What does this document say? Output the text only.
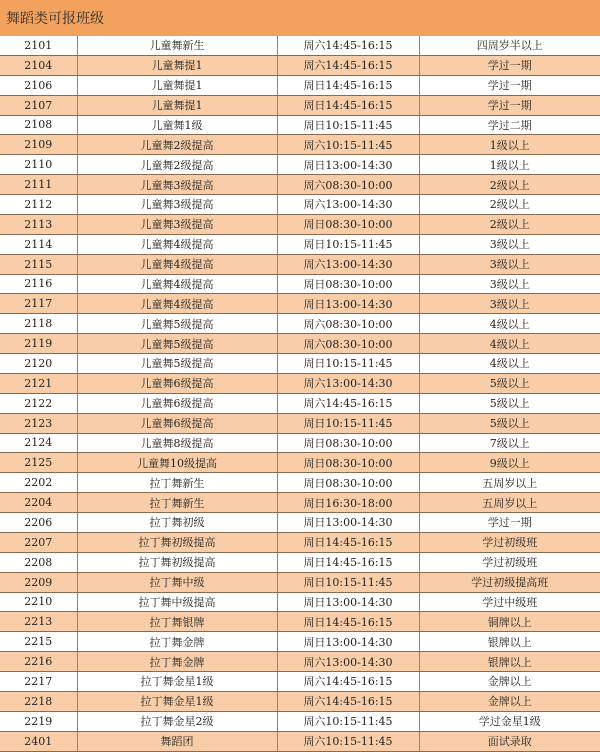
舞蹈类可报班级
2101	儿童舞新生	周六14:45-16:15	四周岁半以上
2104	儿童舞提1	周六14:45-16:15	学过一期
2106	儿童舞提1	周日14:45-16:15	学过一期
2107	儿童舞提1	周日14:45-16:15	学过一期
2108	儿童舞1级	周日10:15-11:45	学过二期
2109	儿童舞2级提高	周六10:15-11:45	1级以上
2110	儿童舞2级提高	周日13:00-14:30	1级以上
2111	儿童舞3级提高	周六08:30-10:00	2级以上
2112	儿童舞3级提高	周六13:00-14:30	2级以上
2113	儿童舞3级提高	周日08:30-10:00	2级以上
2114	儿童舞4级提高	周日10:15-11:45	3级以上
2115	儿童舞4级提高	周六13:00-14:30	3级以上
2116	儿童舞4级提高	周日08:30-10:00	3级以上
2117	儿童舞4级提高	周日13:00-14:30	3级以上
2118	儿童舞5级提高	周六08:30-10:00	4级以上
2119	儿童舞5级提高	周六08:30-10:00	4级以上
2120	儿童舞5级提高	周日10:15-11:45	4级以上
2121	儿童舞6级提高	周六13:00-14:30	5级以上
2122	儿童舞6级提高	周六14:45-16:15	5级以上
2123	儿童舞6级提高	周日10:15-11:45	5级以上
2124	儿童舞8级提高	周日08:30-10:00	7级以上
2125	儿童舞10级提高	周日08:30-10:00	9级以上
2202	拉丁舞新生	周日08:30-10:00	五周岁以上
2204	拉丁舞新生	周日16:30-18:00	五周岁以上
2206	拉丁舞初级	周日13:00-14:30	学过一期
2207	拉丁舞初级提高	周日14:45-16:15	学过初级班
2208	拉丁舞初级提高	周日14:45-16:15	学过初级班
2209	拉丁舞中级	周日10:15-11:45	学过初级提高班
2210	拉丁舞中级提高	周日13:00-14:30	学过中级班
2213	拉丁舞银牌	周日14:45-16:15	铜牌以上
2215	拉丁舞金牌	周日13:00-14:30	银牌以上
2216	拉丁舞金牌	周六13:00-14:30	银牌以上
2217	拉丁舞金星1级	周六14:45-16:15	金牌以上
2218	拉丁舞金星1级	周六14:45-16:15	金牌以上
2219	拉丁舞金星2级	周六10:15-11:45	学过金星1级
2401	舞蹈团	周六10:15-11:45	面试录取
